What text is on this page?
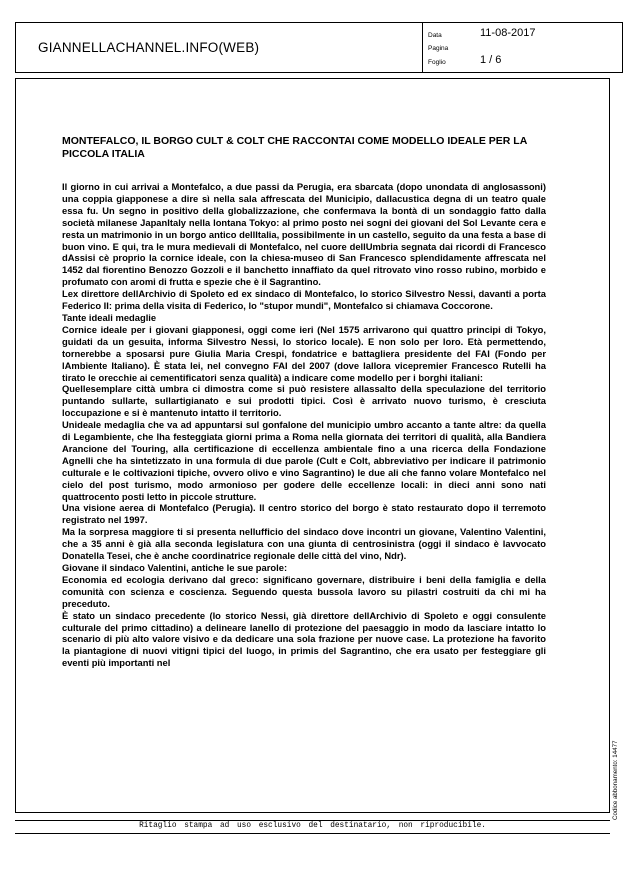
GIANNELLACHANNEL.INFO(WEB)
Data	11-08-2017
Pagina
Foglio	1 / 6

MONTEFALCO, IL BORGO CULT & COLT CHE RACCONTAI COME MODELLO IDEALE PER LA PICCOLA ITALIA

Il giorno in cui arrivai a Montefalco, a due passi da Perugia, era sbarcata (dopo unondata di anglosassoni) una coppia giapponese a dire sì nella sala affrescata del Municipio, dallacustica degna di un teatro quale essa fu. Un segno in positivo della globalizzazione, che confermava la bontà di un sondaggio fatto dalla società milanese JapanItaly nella lontana Tokyo: al primo posto nei sogni dei giovani del Sol Levante cera e resta un matrimonio in un borgo antico dellItalia, possibilmente in un castello, seguito da una festa a base di buon vino. E qui, tra le mura medievali di Montefalco, nel cuore dellUmbria segnata dai ricordi di Francesco dAssisi cè proprio la cornice ideale, con la chiesa-museo di San Francesco splendidamente affrescata nel 1452 dal fiorentino Benozzo Gozzoli e il banchetto innaffiato da quel ritrovato vino rosso rubino, morbido e profumato con aromi di frutta e spezie che è il Sagrantino.

Lex direttore dellArchivio di Spoleto ed ex sindaco di Montefalco, lo storico Silvestro Nessi, davanti a porta Federico II: prima della visita di Federico, lo "stupor mundi", Montefalco si chiamava Coccorone.

Tante ideali medaglie

Cornice ideale per i giovani giapponesi, oggi come ieri (Nel 1575 arrivarono qui quattro principi di Tokyo, guidati da un gesuita, informa Silvestro Nessi, lo storico locale). E non solo per loro. Età permettendo, tornerebbe a sposarsi pure Giulia Maria Crespi, fondatrice e battagliera presidente del FAI (Fondo per lAmbiente Italiano). È stata lei, nel convegno FAI del 2007 (dove lallora vicepremier Francesco Rutelli ha tirato le orecchie ai cementificatori senza qualità) a indicare come modello per i borghi italiani:

Quellesemplare città umbra ci dimostra come si può resistere allassalto della speculazione del territorio puntando sullarte, sullartigianato e sui prodotti tipici. Così è arrivato nuovo turismo, è cresciuta loccupazione e si è mantenuto intatto il territorio.

Unideale medaglia che va ad appuntarsi sul gonfalone del municipio umbro accanto a tante altre: da quella di Legambiente, che lha festeggiata giorni prima a Roma nella giornata dei territori di qualità, alla Bandiera Arancione del Touring, alla certificazione di eccellenza ambientale fino a una ricerca della Fondazione Agnelli che ha sintetizzato in una formula di due parole (Cult e Colt, abbreviativo per indicare il patrimonio culturale e le coltivazioni tipiche, ovvero olivo e vino Sagrantino) le due ali che fanno volare Montefalco nel cielo del post turismo, modo armonioso per godere delle eccellenze locali: in dieci anni sono nati quattrocento posti letto in piccole strutture.

Una visione aerea di Montefalco (Perugia). Il centro storico del borgo è stato restaurato dopo il terremoto registrato nel 1997.

Ma la sorpresa maggiore ti si presenta nellufficio del sindaco dove incontri un giovane, Valentino Valentini, che a 35 anni è già alla seconda legislatura con una giunta di centrosinistra (oggi il sindaco è lavvocato Donatella Tesei, che è anche coordinatrice regionale delle città del vino, Ndr).

Giovane il sindaco Valentini, antiche le sue parole:

Economia ed ecologia derivano dal greco: significano governare, distribuire i beni della famiglia e della comunità con scienza e coscienza. Seguendo questa bussola lavoro su pilastri costruiti da chi mi ha preceduto.

È stato un sindaco precedente (lo storico Nessi, già direttore dellArchivio di Spoleto e oggi consulente culturale del primo cittadino) a delineare lanello di protezione del paesaggio in modo da lasciare intatto lo scenario di più alto valore visivo e da dedicare una sola frazione per nuove case. La protezione ha favorito la piantagione di nuovi vitigni tipici del luogo, in primis del Sagrantino, che era usato per festeggiare gli eventi più importanti nel

Codice abbonamento: 14477
Ritaglio stampa ad uso esclusivo del destinatario, non riproducibile.
